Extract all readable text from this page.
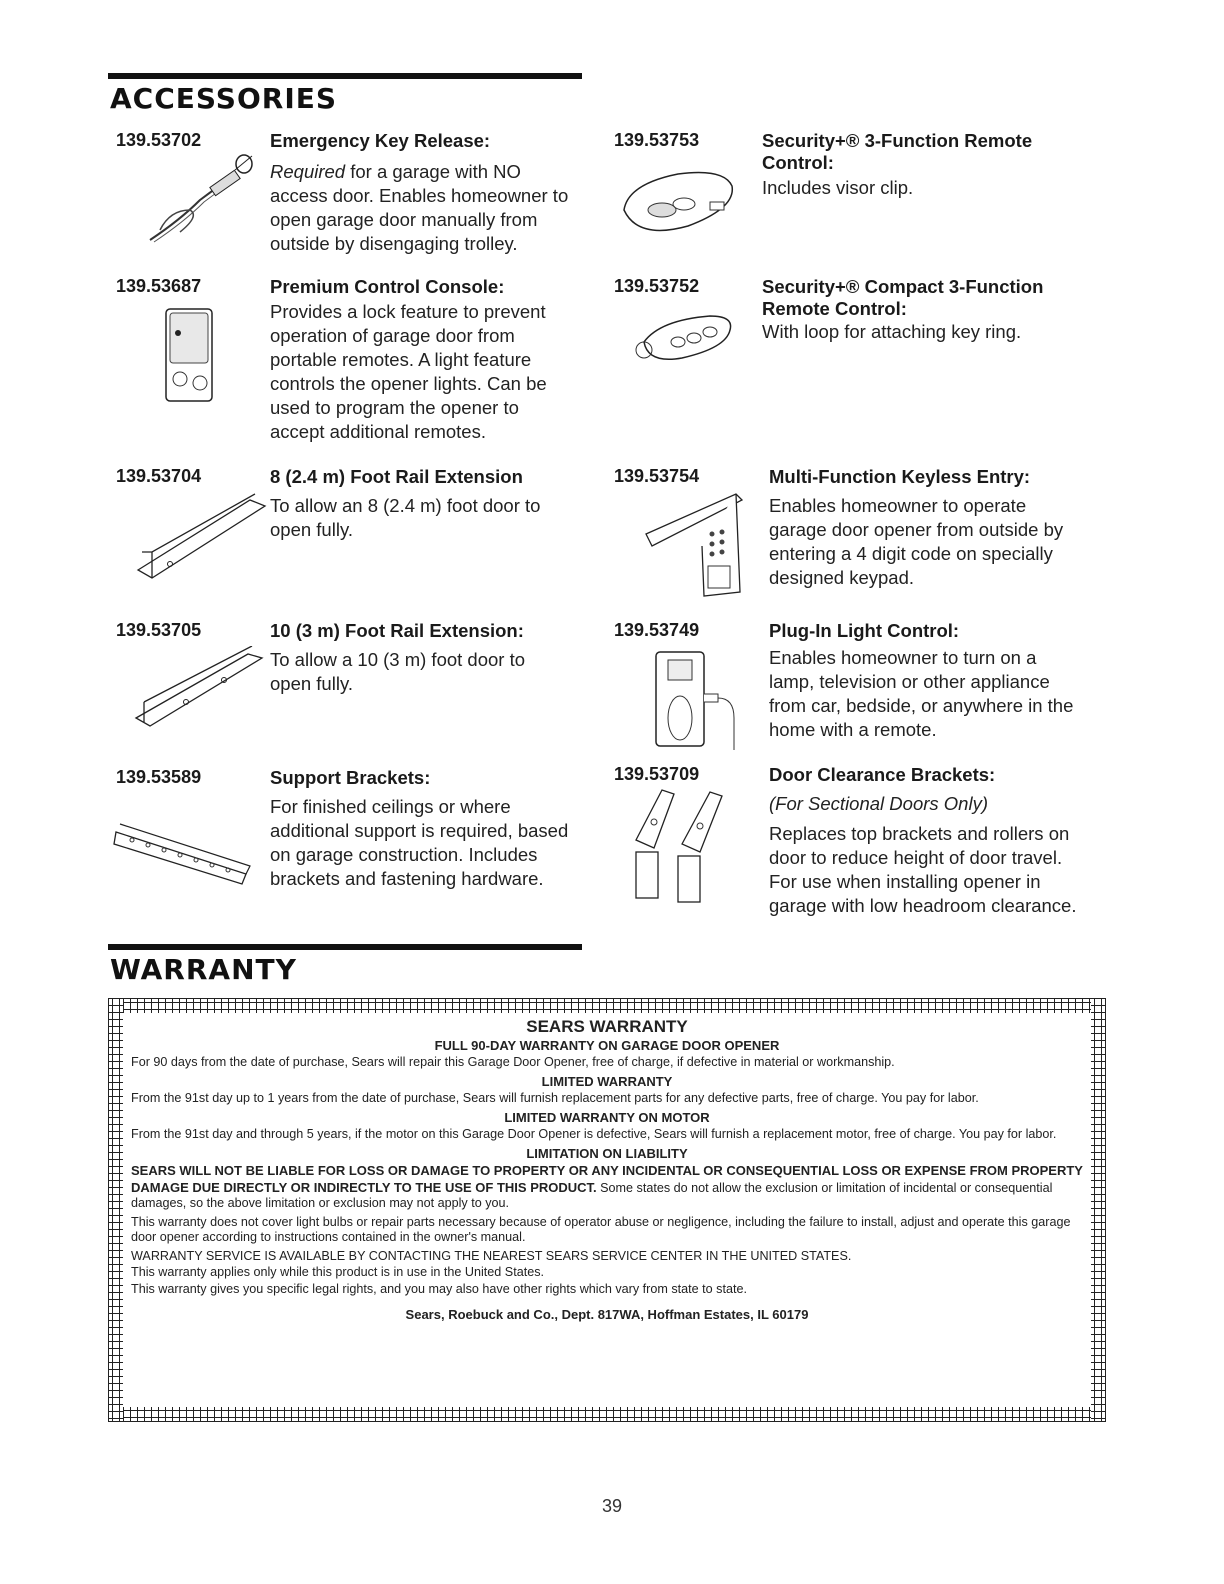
ACCESSORIES
139.53702	Emergency Key Release:
Required for a garage with NO access door. Enables homeowner to open garage door manually from outside by disengaging trolley.
139.53687	Premium Control Console:
Provides a lock feature to prevent operation of garage door from portable remotes. A light feature controls the opener lights. Can be used to program the opener to accept additional remotes.
139.53704	8 (2.4 m) Foot Rail Extension
To allow an 8 (2.4 m) foot door to open fully.
139.53705	10 (3 m) Foot Rail Extension:
To allow a 10 (3 m) foot door to open fully.
139.53589	Support Brackets:
For finished ceilings or where additional support is required, based on garage construction. Includes brackets and fastening hardware.
139.53753	Security+® 3-Function Remote Control:
Includes visor clip.
139.53752	Security+® Compact 3-Function Remote Control:
With loop for attaching key ring.
139.53754	Multi-Function Keyless Entry:
Enables homeowner to operate garage door opener from outside by entering a 4 digit code on specially designed keypad.
139.53749	Plug-In Light Control:
Enables homeowner to turn on a lamp, television or other appliance from car, bedside, or anywhere in the home with a remote.
139.53709	Door Clearance Brackets:

(For Sectional Doors Only)

Replaces top brackets and rollers on door to reduce height of door travel. For use when installing opener in garage with low headroom clearance.

WARRANTY
SEARS WARRANTY
FULL 90-DAY WARRANTY ON GARAGE DOOR OPENER

For 90 days from the date of purchase, Sears will repair this Garage Door Opener, free of charge, if defective in material or workmanship.

LIMITED WARRANTY

From the 91st day up to 1 years from the date of purchase, Sears will furnish replacement parts for any defective parts, free of charge. You pay for labor.

LIMITED WARRANTY ON MOTOR

From the 91st day and through 5 years, if the motor on this Garage Door Opener is defective, Sears will furnish a replacement motor, free of charge. You pay for labor.

LIMITATION ON LIABILITY

SEARS WILL NOT BE LIABLE FOR LOSS OR DAMAGE TO PROPERTY OR ANY INCIDENTAL OR CONSEQUENTIAL LOSS OR EXPENSE FROM PROPERTY DAMAGE DUE DIRECTLY OR INDIRECTLY TO THE USE OF THIS PRODUCT. Some states do not allow the exclusion or limitation of incidental or consequential damages, so the above limitation or exclusion may not apply to you.

This warranty does not cover light bulbs or repair parts necessary because of operator abuse or negligence, including the failure to install, adjust and operate this garage door opener according to instructions contained in the owner's manual.

WARRANTY SERVICE IS AVAILABLE BY CONTACTING THE NEAREST SEARS SERVICE CENTER IN THE UNITED STATES.

This warranty applies only while this product is in use in the United States.

This warranty gives you specific legal rights, and you may also have other rights which vary from state to state.

Sears, Roebuck and Co., Dept. 817WA, Hoffman Estates, IL 60179
39
